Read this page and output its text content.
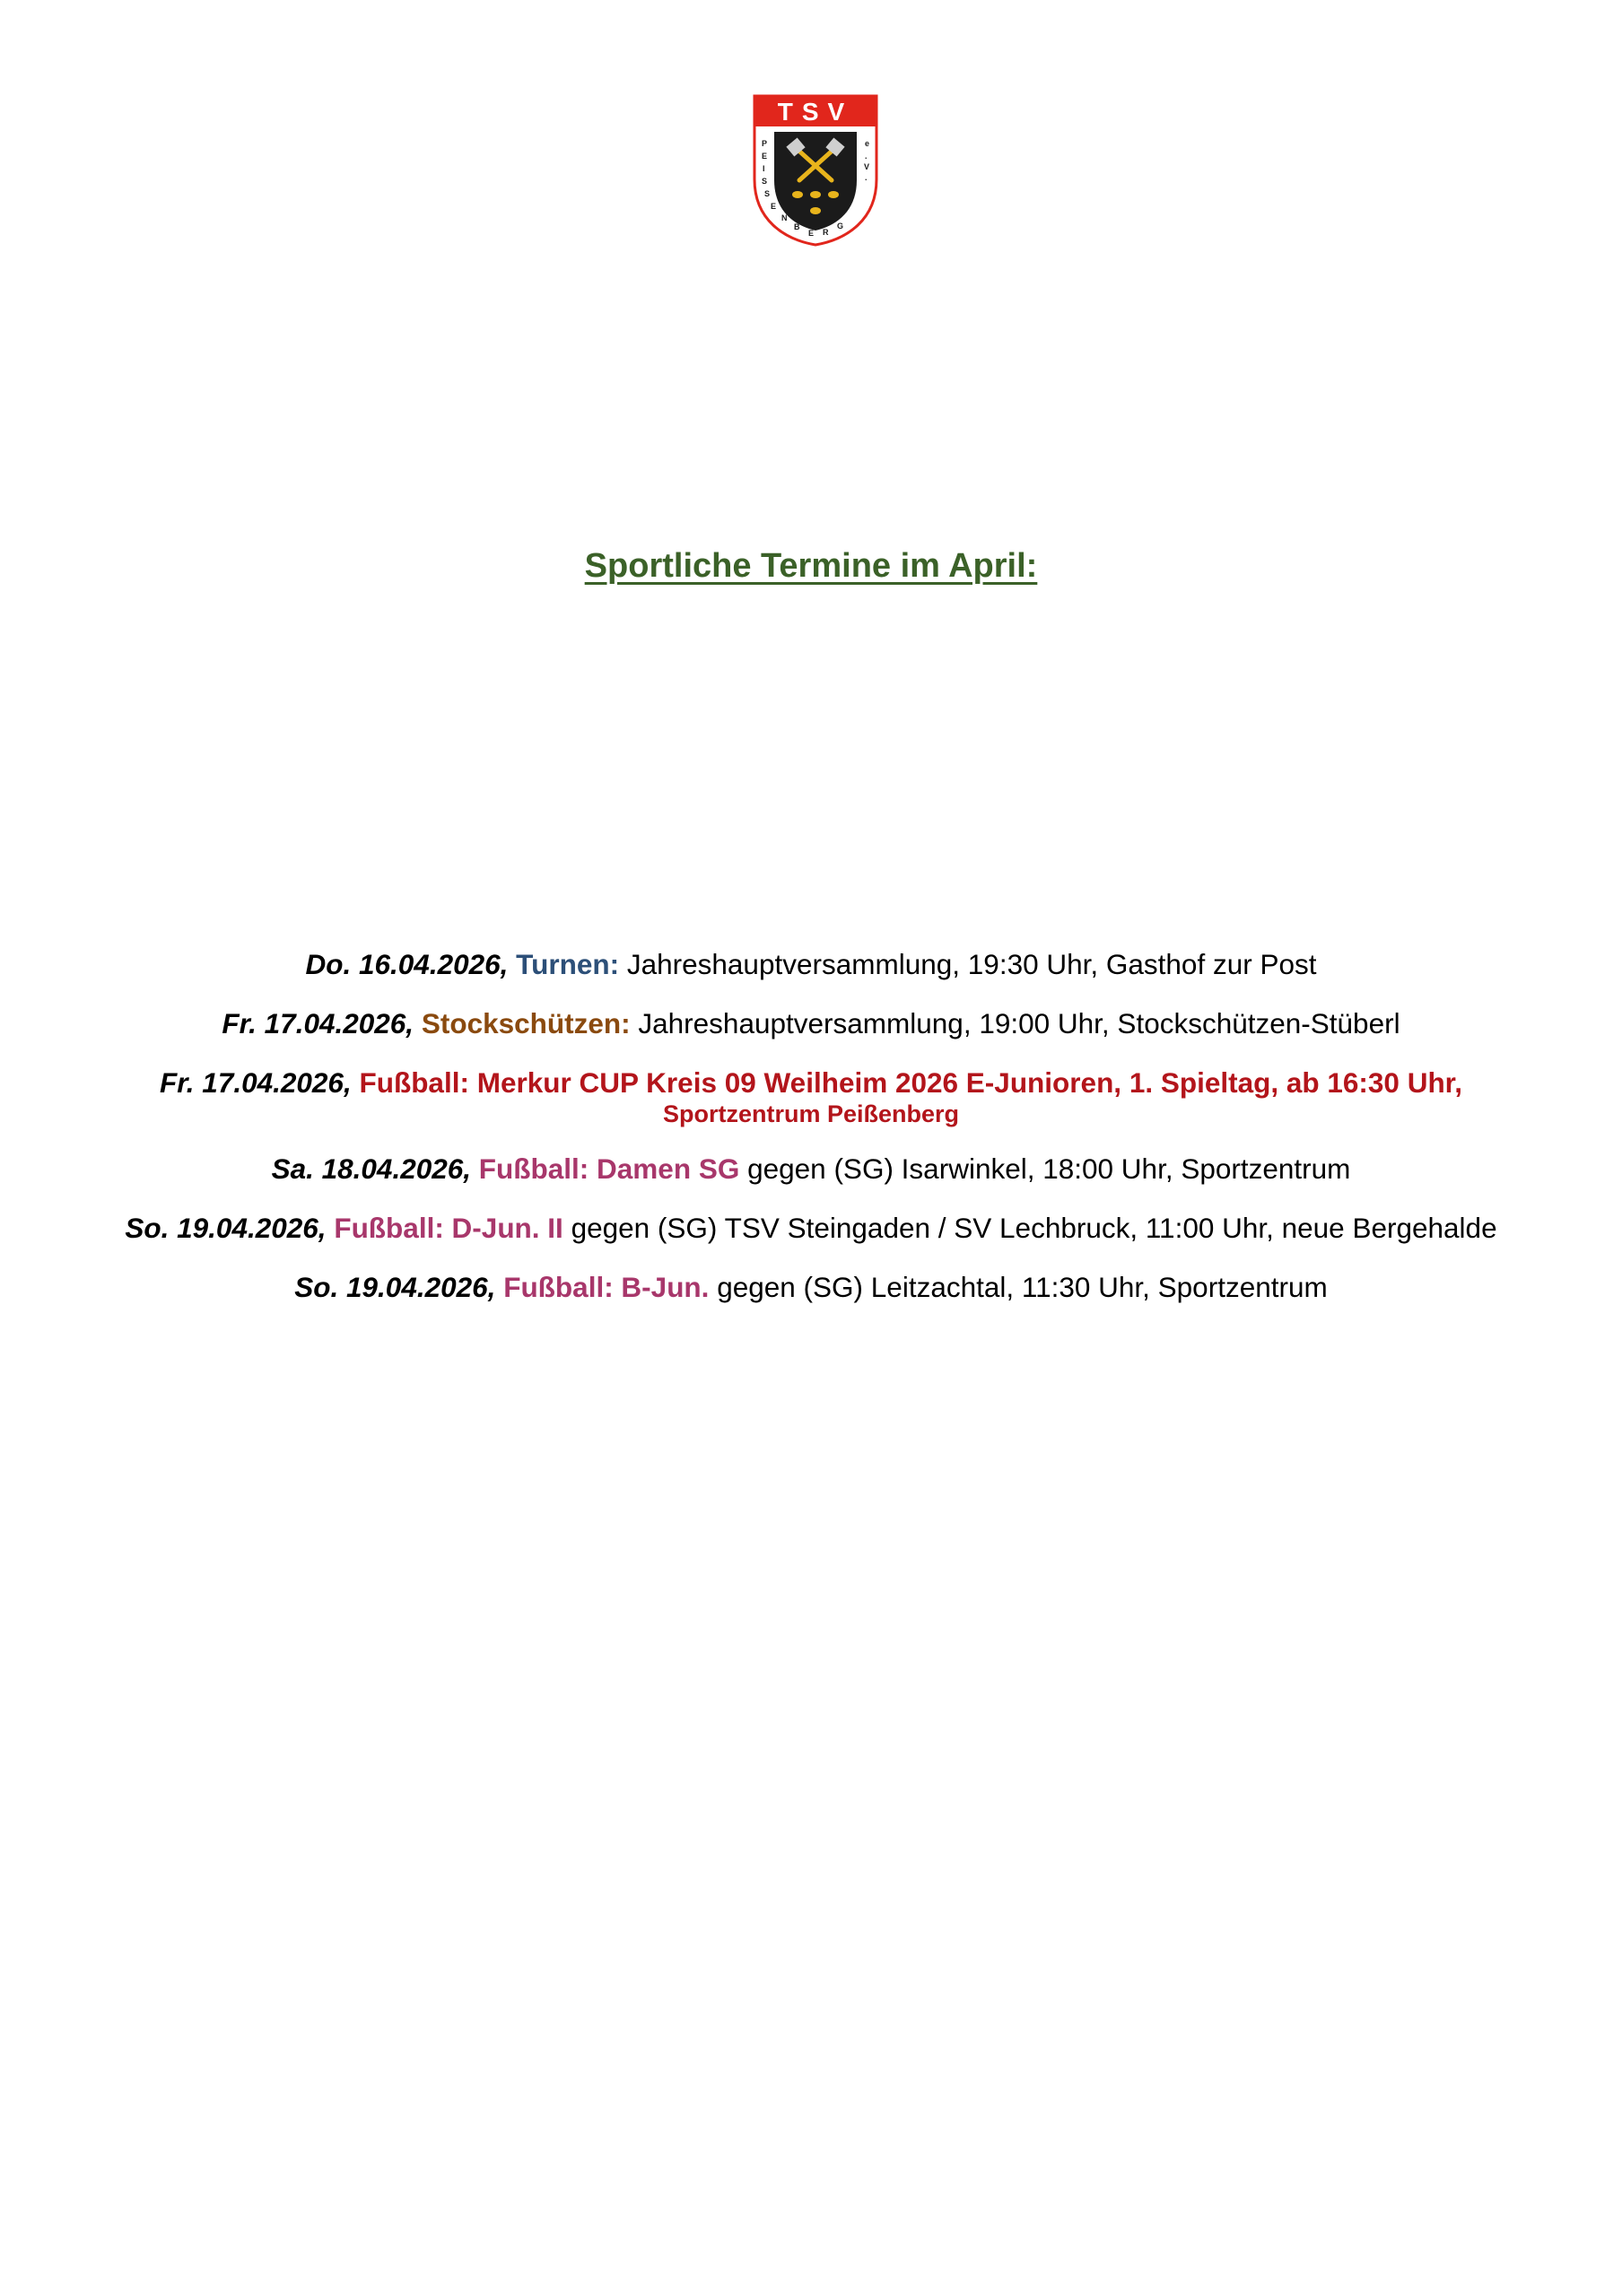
TSV
P
E
I
S
S
E
N
B
E R
G
e
.
V
.
Sportliche Termine im April:
Do. 16.04.2026, Turnen: Jahreshauptversammlung, 19:30 Uhr, Gasthof zur Post
Fr. 17.04.2026, Stockschützen: Jahreshauptversammlung, 19:00 Uhr, Stockschützen-Stüberl
Fr. 17.04.2026, Fußball: Merkur CUP Kreis 09 Weilheim 2026 E-Junioren, 1. Spieltag, ab 16:30 Uhr,
Sportzentrum Peißenberg
Sa. 18.04.2026, Fußball: Damen SG gegen (SG) Isarwinkel, 18:00 Uhr, Sportzentrum
So. 19.04.2026, Fußball: D-Jun. II gegen (SG) TSV Steingaden / SV Lechbruck, 11:00 Uhr, neue Bergehalde
So. 19.04.2026, Fußball: B-Jun. gegen (SG) Leitzachtal, 11:30 Uhr, Sportzentrum
